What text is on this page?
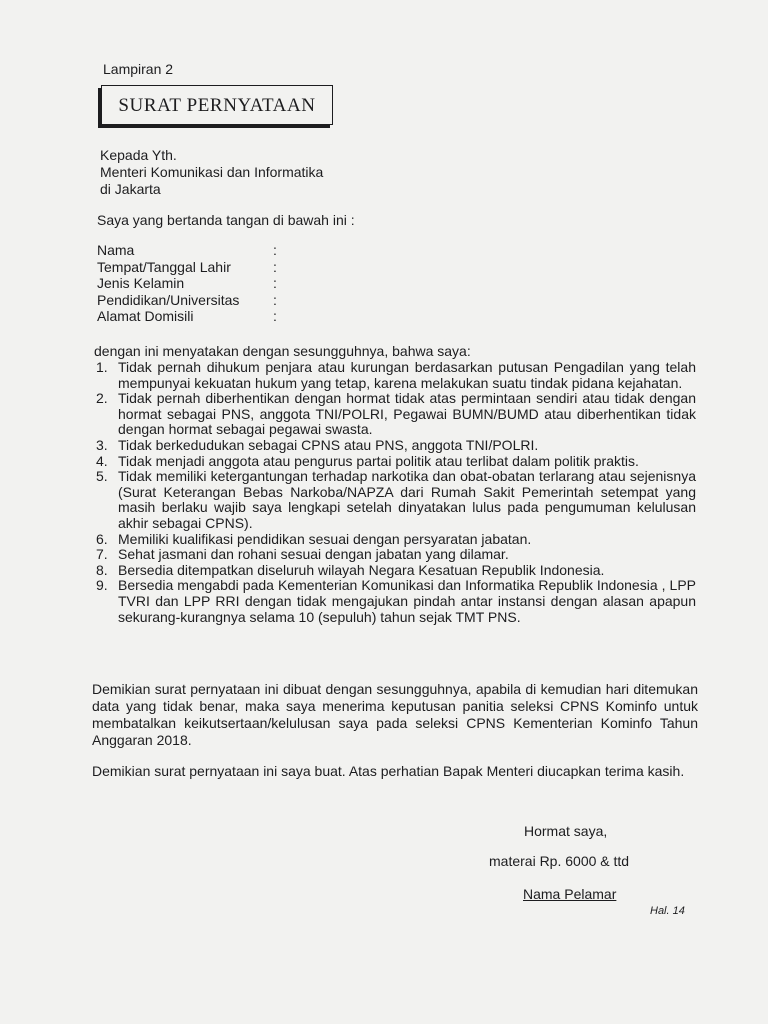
Lampiran 2
SURAT PERNYATAAN
Kepada Yth.
Menteri Komunikasi dan Informatika
di Jakarta
Saya yang bertanda tangan di bawah ini :
Nama	:
Tempat/Tanggal Lahir	:
Jenis Kelamin	:
Pendidikan/Universitas :
Alamat Domisili	:
dengan ini menyatakan dengan sesungguhnya, bahwa saya:
1. Tidak pernah dihukum penjara atau kurungan berdasarkan putusan Pengadilan yang telah mempunyai kekuatan hukum yang tetap, karena melakukan suatu tindak pidana kejahatan.
2. Tidak pernah diberhentikan dengan hormat tidak atas permintaan sendiri atau tidak dengan hormat sebagai PNS, anggota TNI/POLRI, Pegawai BUMN/BUMD atau diberhentikan tidak dengan hormat sebagai pegawai swasta.
3. Tidak berkedudukan sebagai CPNS atau PNS, anggota TNI/POLRI.
4. Tidak menjadi anggota atau pengurus partai politik atau terlibat dalam politik praktis.
5. Tidak memiliki ketergantungan terhadap narkotika dan obat-obatan terlarang atau sejenisnya (Surat Keterangan Bebas Narkoba/NAPZA dari Rumah Sakit Pemerintah setempat yang masih berlaku wajib saya lengkapi setelah dinyatakan lulus pada pengumuman kelulusan akhir sebagai CPNS).
6. Memiliki kualifikasi pendidikan sesuai dengan persyaratan jabatan.
7. Sehat jasmani dan rohani sesuai dengan jabatan yang dilamar.
8. Bersedia ditempatkan diseluruh wilayah Negara Kesatuan Republik Indonesia.
9. Bersedia mengabdi pada Kementerian Komunikasi dan Informatika Republik Indonesia , LPP TVRI dan LPP RRI dengan tidak mengajukan pindah antar instansi dengan alasan apapun sekurang-kurangnya selama 10 (sepuluh) tahun sejak TMT PNS.
Demikian surat pernyataan ini dibuat dengan sesungguhnya, apabila di kemudian hari ditemukan data yang tidak benar, maka saya menerima keputusan panitia seleksi CPNS Kominfo untuk membatalkan keikutsertaan/kelulusan saya pada seleksi CPNS Kementerian Kominfo Tahun Anggaran 2018.
Demikian surat pernyataan ini saya buat. Atas perhatian Bapak Menteri diucapkan terima kasih.
Hormat saya,
materai Rp. 6000 & ttd
Nama Pelamar
Hal. 14
